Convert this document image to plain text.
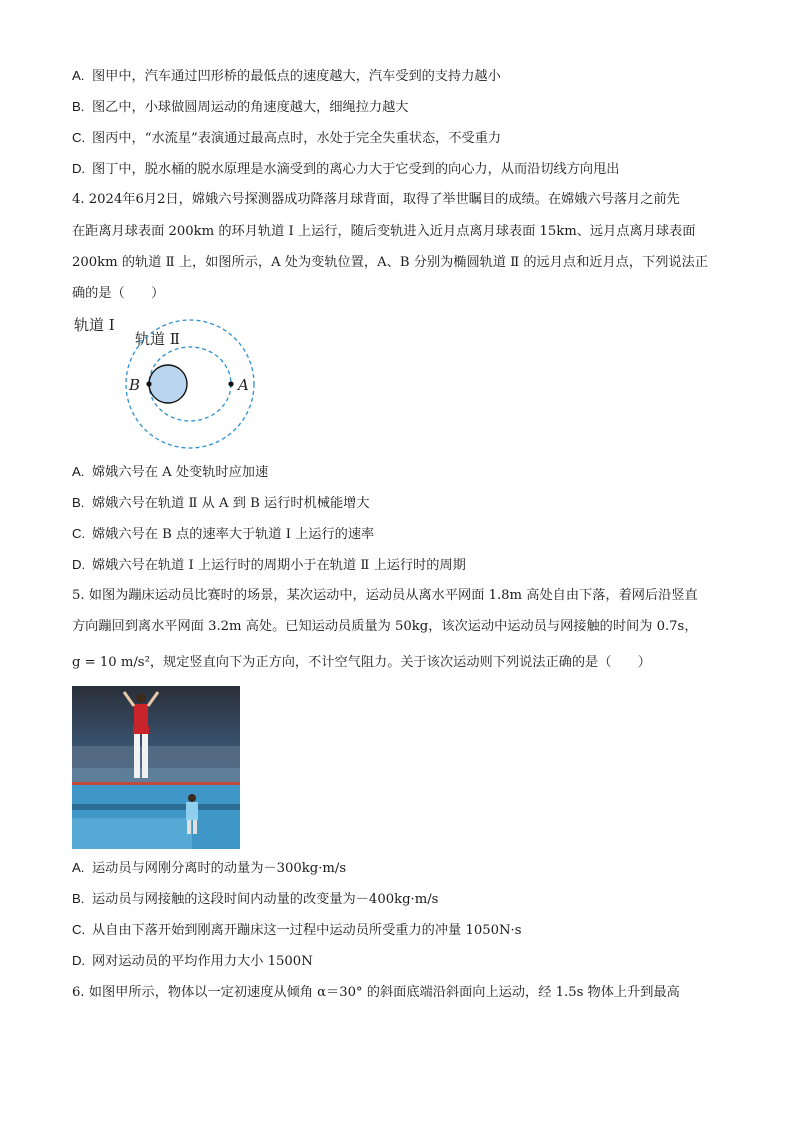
A. 图甲中，汽车通过凹形桥的最低点的速度越大，汽车受到的支持力越小
B. 图乙中，小球做圆周运动的角速度越大，细绳拉力越大
C. 图丙中，“水流星”表演通过最高点时，水处于完全失重状态，不受重力
D. 图丁中，脱水桶的脱水原理是水滴受到的离心力大于它受到的向心力，从而沿切线方向甩出
4. 2024年6月2日，嫦娥六号探测器成功降落月球背面，取得了举世瞩目的成绩。在嫦娥六号落月之前先
在距离月球表面 200km 的环月轨道 Ⅰ 上运行，随后变轨进入近月点离月球表面 15km、远月点离月球表面
200km 的轨道 Ⅱ 上，如图所示，A 处为变轨位置，A、B 分别为椭圆轨道 Ⅱ 的远月点和近月点，下列说法正
确的是（　　）
轨道 Ⅰ
轨道 Ⅱ
B	A
A. 嫦娥六号在 A 处变轨时应加速
B. 嫦娥六号在轨道 Ⅱ 从 A 到 B 运行时机械能增大
C. 嫦娥六号在 B 点的速率大于轨道 Ⅰ 上运行的速率
D. 嫦娥六号在轨道 Ⅰ 上运行时的周期小于在轨道 Ⅱ 上运行时的周期
5. 如图为蹦床运动员比赛时的场景，某次运动中，运动员从离水平网面 1.8m 高处自由下落，着网后沿竖直
方向蹦回到离水平网面 3.2m 高处。已知运动员质量为 50kg，该次运动中运动员与网接触的时间为 0.7s，
g = 10 m/s²，规定竖直向下为正方向，不计空气阻力。关于该次运动则下列说法正确的是（　　）
A. 运动员与网刚分离时的动量为－300kg·m/s
B. 运动员与网接触的这段时间内动量的改变量为－400kg·m/s
C. 从自由下落开始到刚离开蹦床这一过程中运动员所受重力的冲量 1050N·s
D. 网对运动员的平均作用力大小 1500N
6. 如图甲所示，物体以一定初速度从倾角 α＝30° 的斜面底端沿斜面向上运动，经 1.5s 物体上升到最高
